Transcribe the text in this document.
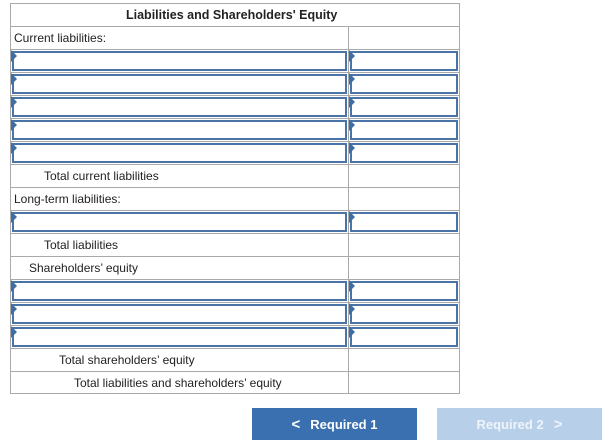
Liabilities and Shareholders' Equity
Current liabilities:
Total current liabilities
Long-term liabilities:
Total liabilities
Shareholders’ equity
Total shareholders’ equity
Total liabilities and shareholders’ equity
< Required 1	Required 2 >
